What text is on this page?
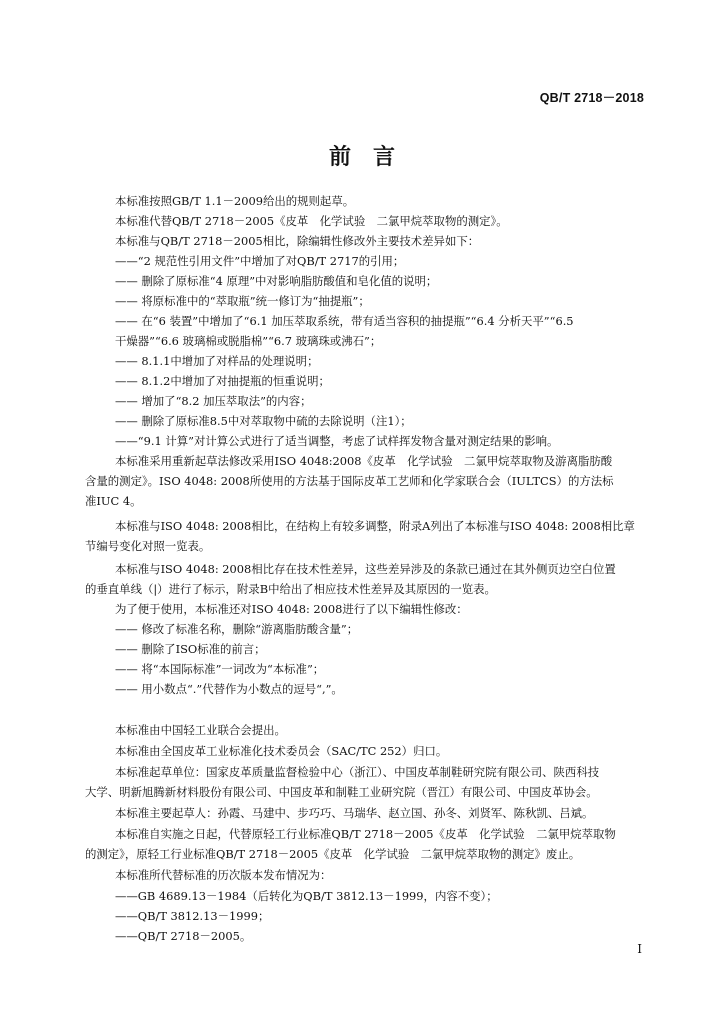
QB/T 2718－2018
前言
本标准按照GB/T 1.1－2009给出的规则起草。
本标准代替QB/T 2718－2005《皮革　化学试验　二氯甲烷萃取物的测定》。
本标准与QB/T 2718－2005相比，除编辑性修改外主要技术差异如下：
——“2 规范性引用文件”中增加了对QB/T 2717的引用；
—— 删除了原标准“4 原理”中对影响脂肪酸值和皂化值的说明；
—— 将原标准中的“萃取瓶”统一修订为“抽提瓶”；
—— 在“6 装置”中增加了“6.1 加压萃取系统，带有适当容积的抽提瓶”“6.4 分析天平”“6.5
干燥器”“6.6 玻璃棉或脱脂棉”“6.7 玻璃珠或沸石”；
—— 8.1.1中增加了对样品的处理说明；
—— 8.1.2中增加了对抽提瓶的恒重说明；
—— 增加了“8.2 加压萃取法”的内容；
—— 删除了原标准8.5中对萃取物中硫的去除说明（注1）；
——“9.1 计算”对计算公式进行了适当调整，考虑了试样挥发物含量对测定结果的影响。
本标准采用重新起草法修改采用ISO 4048:2008《皮革　化学试验　二氯甲烷萃取物及游离脂肪酸
含量的测定》。ISO 4048: 2008所使用的方法基于国际皮革工艺师和化学家联合会（IULTCS）的方法标
准IUC 4。
本标准与ISO 4048: 2008相比，在结构上有较多调整，附录A列出了本标准与ISO 4048: 2008相比章
节编号变化对照一览表。
本标准与ISO 4048: 2008相比存在技术性差异，这些差异涉及的条款已通过在其外侧页边空白位置
的垂直单线（|）进行了标示，附录B中给出了相应技术性差异及其原因的一览表。
为了便于使用，本标准还对ISO 4048: 2008进行了以下编辑性修改：
—— 修改了标准名称，删除“游离脂肪酸含量”；
—— 删除了ISO标准的前言；
—— 将“本国际标准”一词改为“本标准”；
—— 用小数点“.”代替作为小数点的逗号“,”。
本标准由中国轻工业联合会提出。
本标准由全国皮革工业标准化技术委员会（SAC/TC 252）归口。
本标准起草单位：国家皮革质量监督检验中心（浙江）、中国皮革制鞋研究院有限公司、陕西科技
大学、明新旭腾新材料股份有限公司、中国皮革和制鞋工业研究院（晋江）有限公司、中国皮革协会。
本标准主要起草人：孙霞、马建中、步巧巧、马瑞华、赵立国、孙冬、刘贤军、陈秋凯、吕斌。
本标准自实施之日起，代替原轻工行业标准QB/T 2718－2005《皮革　化学试验　二氯甲烷萃取物
的测定》，原轻工行业标准QB/T 2718－2005《皮革　化学试验　二氯甲烷萃取物的测定》废止。
本标准所代替标准的历次版本发布情况为：
——GB 4689.13－1984（后转化为QB/T 3812.13－1999，内容不变）；
——QB/T 3812.13－1999；
——QB/T 2718－2005。
I
